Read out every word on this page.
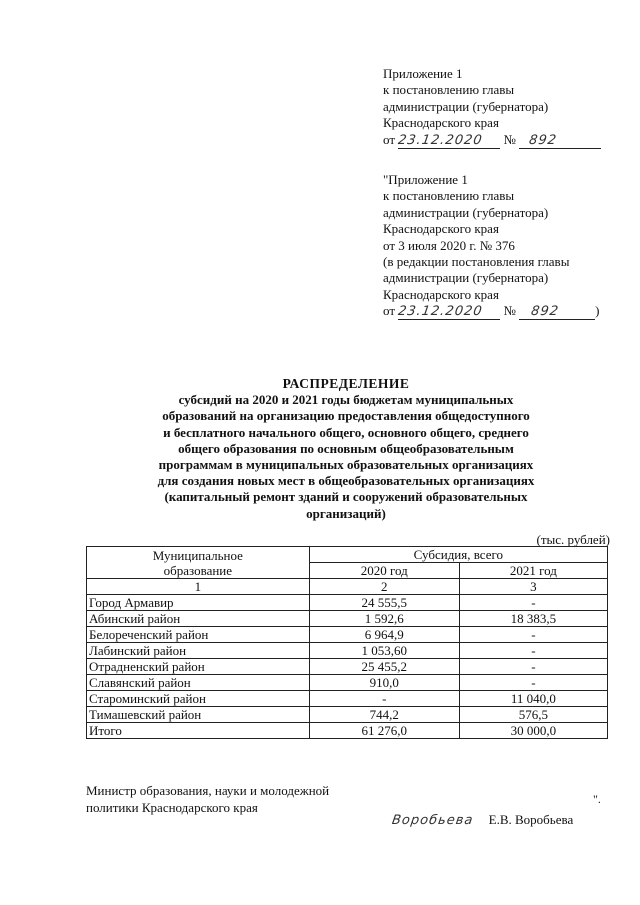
Приложение 1
к постановлению главы
администрации (губернатора)
Краснодарского края
от 23.12.2020 № 892
"Приложение 1
к постановлению главы
администрации (губернатора)
Краснодарского края
от 3 июля 2020 г. № 376
(в редакции постановления главы
администрации (губернатора)
Краснодарского края
от 23.12.2020 № 892	)
РАСПРЕДЕЛЕНИЕ
субсидий на 2020 и 2021 годы бюджетам муниципальных
образований на организацию предоставления общедоступного
и бесплатного начального общего, основного общего, среднего
общего образования по основным общеобразовательным
программам в муниципальных образовательных организациях
для создания новых мест в общеобразовательных организациях
(капитальный ремонт зданий и сооружений образовательных
организаций)
(тыс. рублей)
Муниципальное
образование	Субсидия, всего	
	2020 год	2021 год
1	2	3
Город Армавир	24 555,5	-
Абинский район	1 592,6	18 383,5
Белореченский район	6 964,9	-
Лабинский район	1 053,60	-
Отрадненский район	25 455,2	-
Славянский район	910,0	-
Староминский район	-	11 040,0
Тимашевский район	744,2	576,5
Итого	61 276,0	30 000,0
".
Министр образования, науки и молодежной
политики Краснодарского края
Воробьева Е.В. Воробьева
